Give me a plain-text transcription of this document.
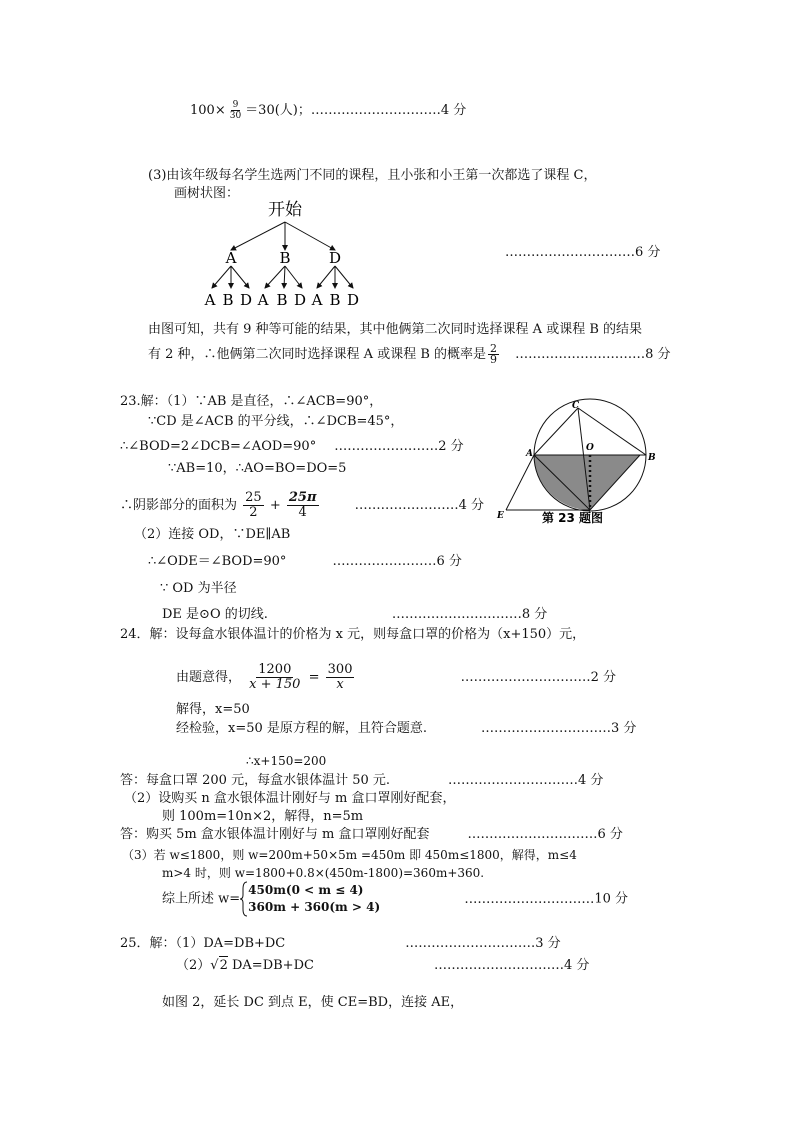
$100\times \frac{9}{30} =30$(人)；…………………………4 分
(3)由该年级每名学生选两门不同的课程，且小张和小王第一次都选了课程 C，
画树状图：
开始
A	B	D
A B D A B D A B D
…………………………6 分
由图可知，共有 9 种等可能的结果，其中他俩第二次同时选择课程 A 或课程 B 的结果
有 2 种，∴他俩第二次同时选择课程 A 或课程 B 的概率是 $\frac{2}{9}$ …………………………8 分
23.解：（1）∵AB 是直径，∴∠ACB=90°，
∵CD 是∠ACB 的平分线，∴∠DCB=45°，
∴∠BOD=2∠DCB=∠AOD=90° ……………………2 分
∵AB=10，∴AO=BO=DO=5
∴阴影部分的面积为 $\frac{25}{2} + \frac{25\pi}{4}$	……………………4 分
（2）连接 OD，∵DE∥AB
∴∠ODE＝∠BOD=90°	……………………6 分
∵ OD 为半径
DE 是⊙O 的切线.	…………………………8 分
C
O
A	B
E	第 23 题图
24．解：设每盒水银体温计的价格为 x 元，则每盒口罩的价格为（x+150）元，
由题意得， $\frac{1200}{x + 150} = \frac{300}{x}$	…………………………2 分
解得，x=50
经检验，x=50 是原方程的解，且符合题意.	…………………………3 分
∴x+150=200
答：每盒口罩 200 元，每盒水银体温计 50 元.	…………………………4 分
（2）设购买 n 盒水银体温计刚好与 m 盒口罩刚好配套，
则 100m=10n×2，解得，n=5m
答：购买 5m 盒水银体温计刚好与 m 盒口罩刚好配套	…………………………6 分
（3）若 w≤1800，则 w=200m+50×5m =450m 即 450m≤1800，解得，m≤4
m>4 时，则 w=1800+0.8×(450m-1800)=360m+360.
综上所述 w=
450m(0 < m ≤ 4)
360m + 360(m > 4)
…………………………10 分
25．解：（1）DA=DB+DC	…………………………3 分
（2）√2 DA=DB+DC	…………………………4 分
如图 2，延长 DC 到点 E，使 CE=BD，连接 AE，
